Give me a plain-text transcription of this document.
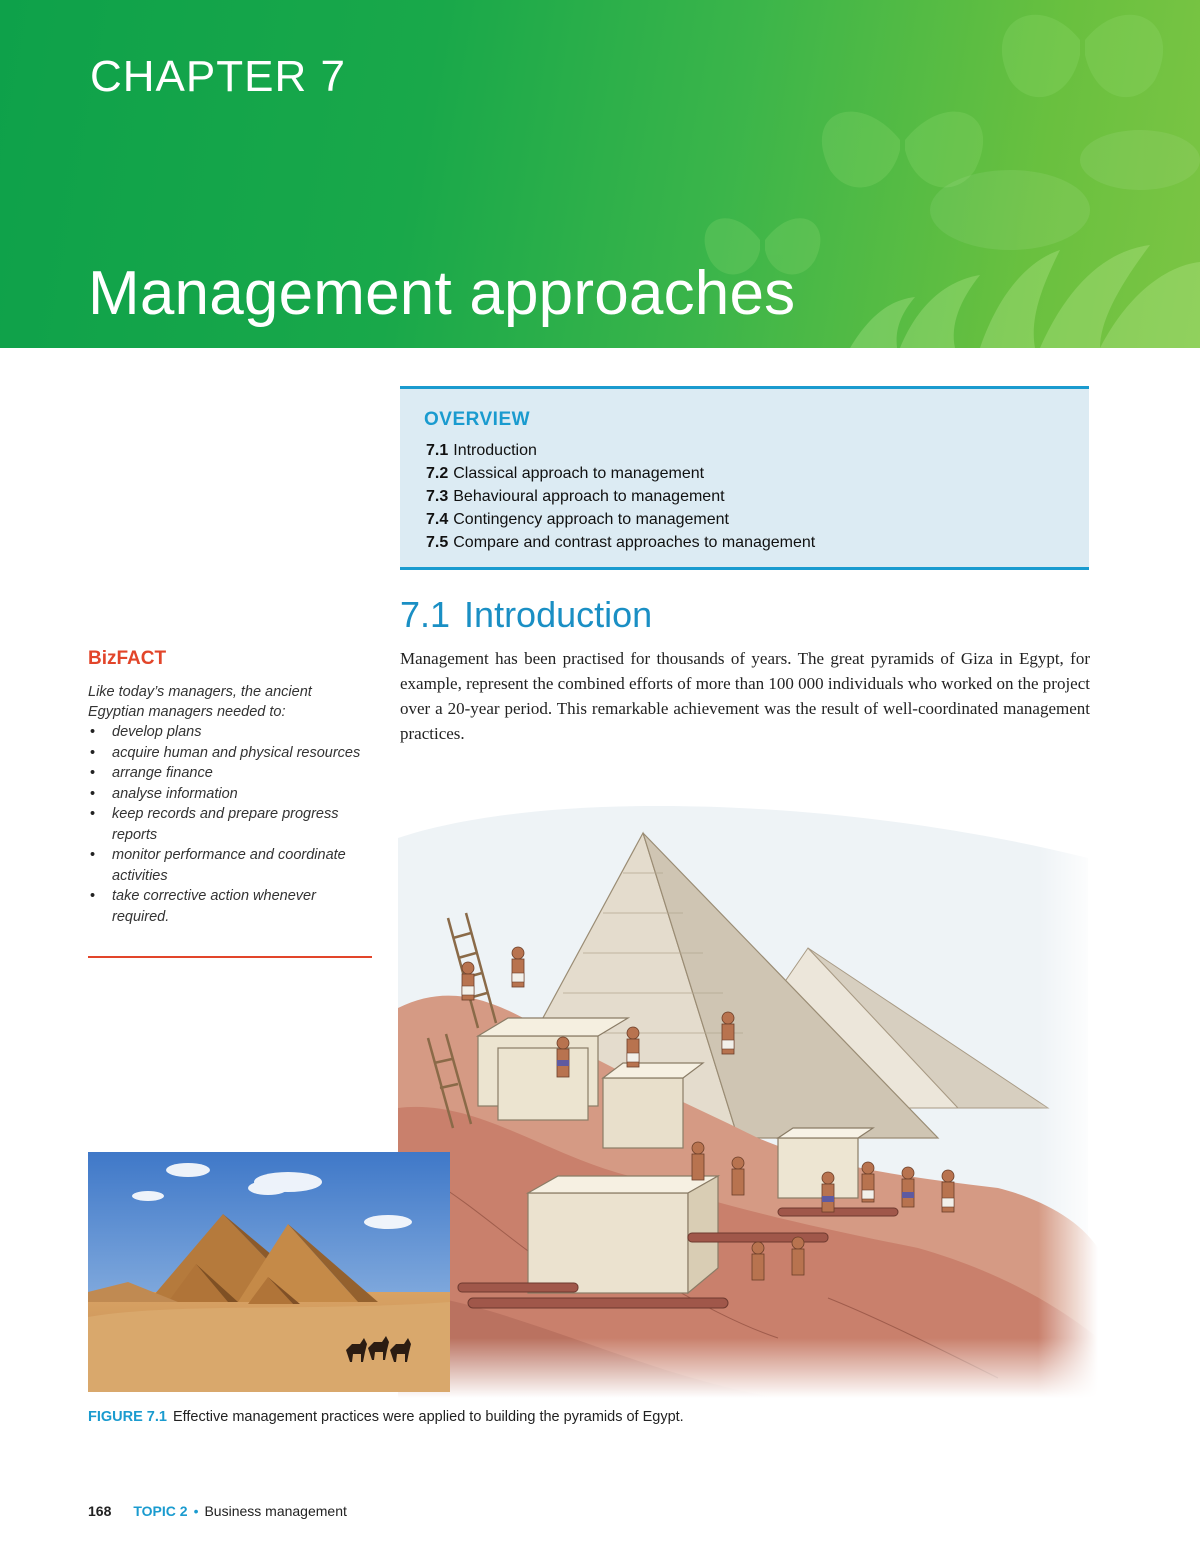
CHAPTER 7
Management approaches
OVERVIEW
7.1 Introduction
7.2 Classical approach to management
7.3 Behavioural approach to management
7.4 Contingency approach to management
7.5 Compare and contrast approaches to management
7.1 Introduction

Management has been practised for thousands of years. The great pyramids of Giza in Egypt, for example, represent the combined efforts of more than 100 000 individuals who worked on the project over a 20-year period. This remarkable achievement was the result of well-coordinated management practices.

BizFACT
Like today’s managers, the ancient Egyptian managers needed to:
• develop plans
• acquire human and physical resources
• arrange finance
• analyse information
• keep records and prepare progress reports
• monitor performance and coordinate activities
• take corrective action whenever required.
FIGURE 7.1 Effective management practices were applied to building the pyramids of Egypt.
168 TOPIC 2 • Business management
